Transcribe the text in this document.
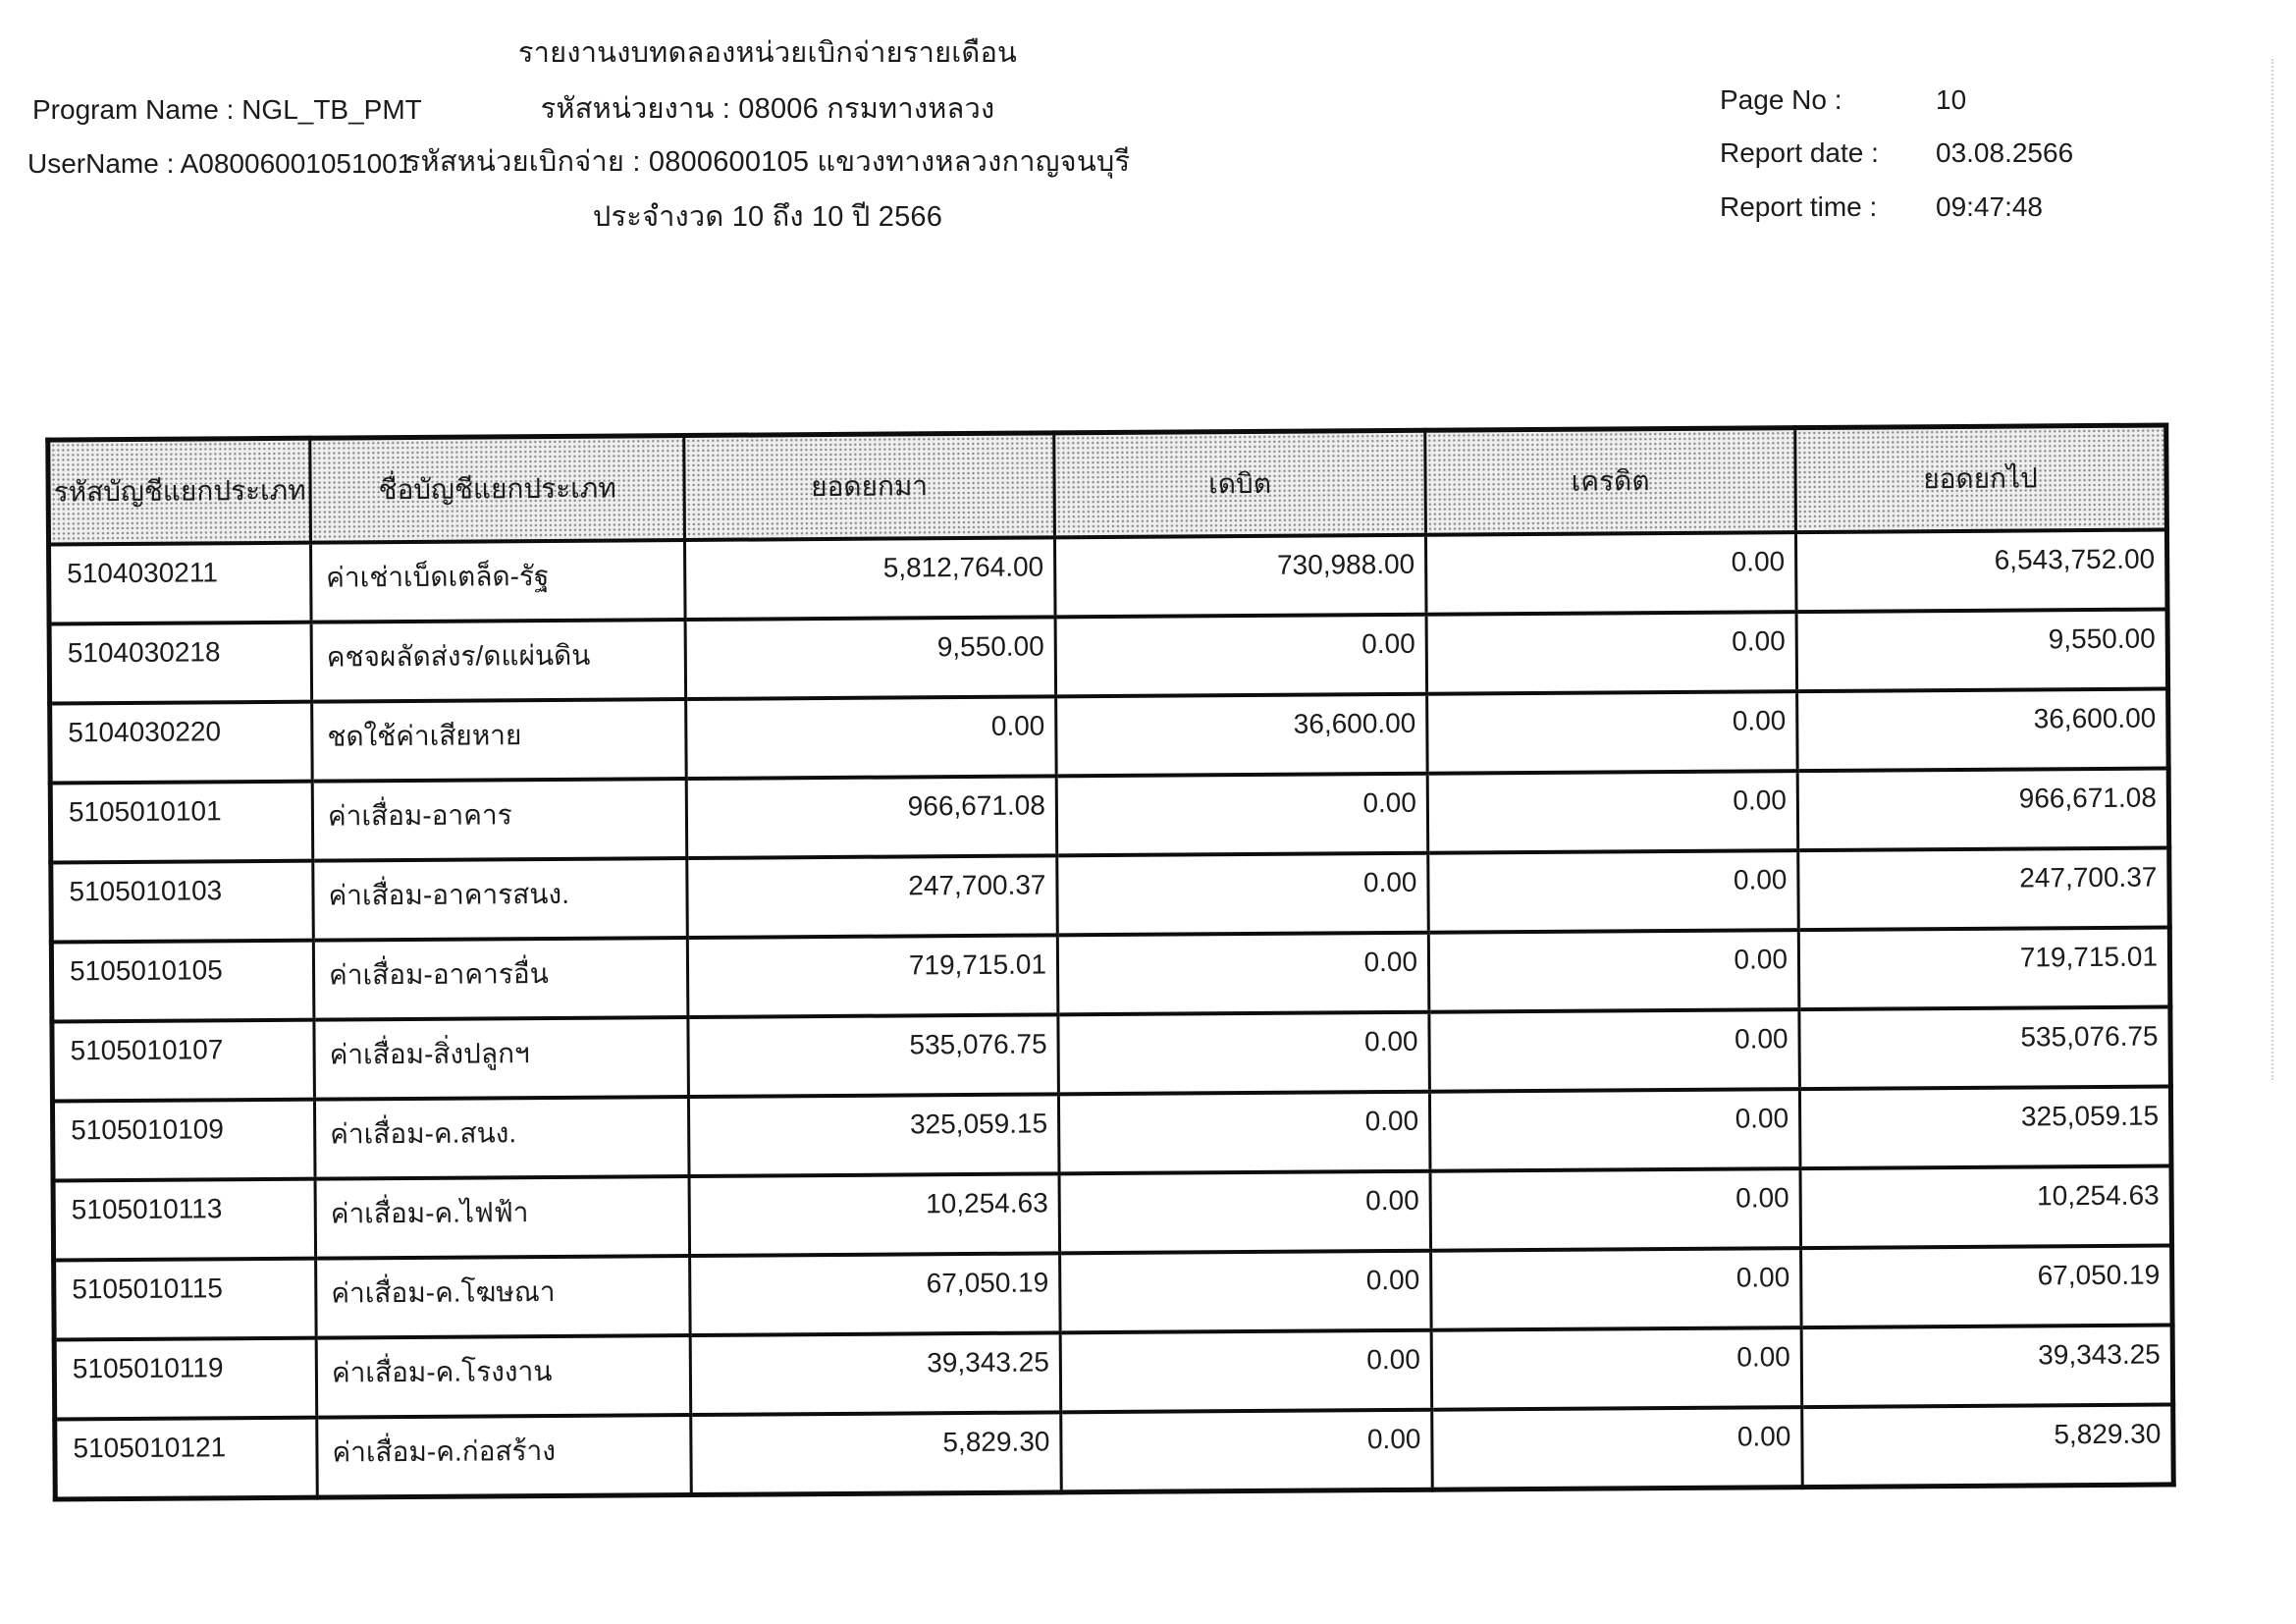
รายงานงบทดลองหน่วยเบิกจ่ายรายเดือน
รหัสหน่วยงาน : 08006 กรมทางหลวง
รหัสหน่วยเบิกจ่าย : 0800600105 แขวงทางหลวงกาญจนบุรี
ประจำงวด 10 ถึง 10 ปี 2566
Program Name : NGL_TB_PMT
UserName : A08006001051001
Page No :	10
Report date : 03.08.2566
Report time : 09:47:48
รหัสบัญชีแยกประเภท	ชื่อบัญชีแยกประเภท	ยอดยกมา	เดบิต	เครดิต	ยอดยกไป
5104030211	ค่าเช่าเบ็ดเตล็ด-รัฐ	5,812,764.00	730,988.00	0.00	6,543,752.00
5104030218	คชจผลัดส่งร/ดแผ่นดิน	9,550.00	0.00	0.00	9,550.00
5104030220	ชดใช้ค่าเสียหาย	0.00	36,600.00	0.00	36,600.00
5105010101	ค่าเสื่อม-อาคาร	966,671.08	0.00	0.00	966,671.08
5105010103	ค่าเสื่อม-อาคารสนง.	247,700.37	0.00	0.00	247,700.37
5105010105	ค่าเสื่อม-อาคารอื่น	719,715.01	0.00	0.00	719,715.01
5105010107	ค่าเสื่อม-สิ่งปลูกฯ	535,076.75	0.00	0.00	535,076.75
5105010109	ค่าเสื่อม-ค.สนง.	325,059.15	0.00	0.00	325,059.15
5105010113	ค่าเสื่อม-ค.ไฟฟ้า	10,254.63	0.00	0.00	10,254.63
5105010115	ค่าเสื่อม-ค.โฆษณา	67,050.19	0.00	0.00	67,050.19
5105010119	ค่าเสื่อม-ค.โรงงาน	39,343.25	0.00	0.00	39,343.25
5105010121	ค่าเสื่อม-ค.ก่อสร้าง	5,829.30	0.00	0.00	5,829.30
